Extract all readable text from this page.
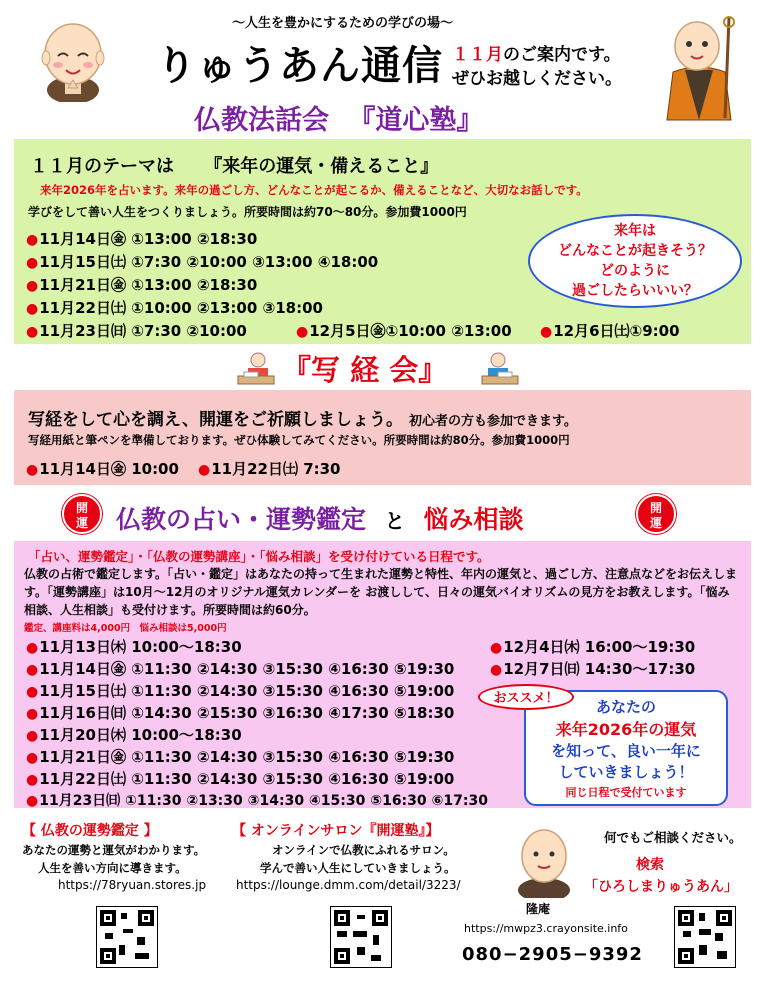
〜人生を豊かにするための学びの場〜
りゅうあん通信 １１月のご案内です。
ぜひお越しください。
仏教法話会 『道心塾』
１１月のテーマは 『来年の運気・備えること』
来年2026年を占います。来年の過ごし方、どんなことが起こるか、備えることなど、大切なお話しです。
学びをして善い人生をつくりましょう。所要時間は約70〜80分。参加費1000円
●11月14日㊎ ①13:00 ②18:30
●11月15日㈯ ①7:30 ②10:00 ③13:00 ④18:00
●11月21日㊎ ①13:00 ②18:30
●11月22日㈯ ①10:00 ②13:00 ③18:00
●11月23日㈰ ①7:30 ②10:00	●12月5日㊎①10:00 ②13:00 ●12月6日㈯①9:00
来年は
どんなことが起きそう？
どのように
過ごしたらいいい？
『写 経 会』
写経をして心を調え、開運をご祈願しましょう。 初心者の方も参加できます。
写経用紙と筆ペンを準備しております。ぜひ体験してみてください。所要時間は約80分。参加費1000円
●11月14日㊎ 10:00 ●11月22日㈯ 7:30
開運	仏教の占い・運勢鑑定 と 悩み相談	開運
「占い、運勢鑑定」・「仏教の運勢講座」・「悩み相談」を受け付けている日程です。
仏教の占術で鑑定します。「占い・鑑定」はあなたの持って生まれた運勢と特性、年内の運気と、過ごし方、注意点などをお伝えします。「運勢講座」は10月〜12月のオリジナル運気カレンダーを お渡しして、日々の運気バイオリズムの見方をお教えします。「悩み相談、人生相談」も受付けます。所要時間は約60分。
鑑定、講座料は4,000円　悩み相談は5,000円
●11月13日㈭ 10:00〜18:30
●11月14日㊎ ①11:30 ②14:30 ③15:30 ④16:30 ⑤19:30
●11月15日㈯ ①11:30 ②14:30 ③15:30 ④16:30 ⑤19:00
●11月16日㈰ ①14:30 ②15:30 ③16:30 ④17:30 ⑤18:30
●11月20日㈭ 10:00〜18:30
●11月21日㊎ ①11:30 ②14:30 ③15:30 ④16:30 ⑤19:30
●11月22日㈯ ①11:30 ②14:30 ③15:30 ④16:30 ⑤19:00
●11月23日㈰ ①11:30 ②13:30 ③14:30 ④15:30 ⑤16:30 ⑥17:30
●12月4日㈭ 16:00〜19:30
●12月7日㈰ 14:30〜17:30
あなたの
来年2026年の運気
を知って、良い一年に
していきましょう！
同じ日程で受付ています
おススメ！
【 仏教の運勢鑑定 】
あなたの運勢と運気がわかります。
人生を善い方向に導きます。
https://78ryuan.stores.jp
【 オンラインサロン『開運塾』】
オンラインで仏教にふれるサロン。
学んで善い人生にしていきましょう。
https://lounge.dmm.com/detail/3223/
隆庵
何でもご相談ください。
検索
「ひろしまりゅうあん」
https://mwpz3.crayonsite.info
080−2905−9392
